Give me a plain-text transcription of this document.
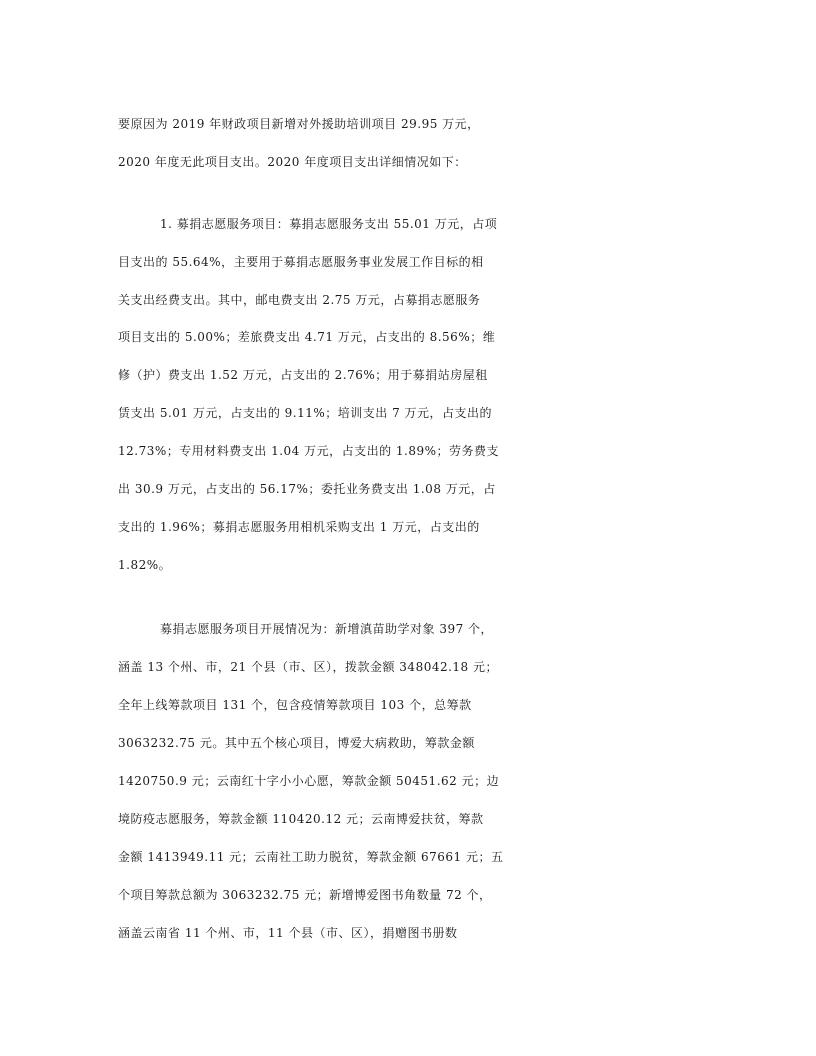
要原因为 2019 年财政项目新增对外援助培训项目 29.95 万元，
2020 年度无此项目支出。2020 年度项目支出详细情况如下：
1. 募捐志愿服务项目：募捐志愿服务支出 55.01 万元，占项
目支出的 55.64%，主要用于募捐志愿服务事业发展工作目标的相
关支出经费支出。其中，邮电费支出 2.75 万元，占募捐志愿服务
项目支出的 5.00%；差旅费支出 4.71 万元，占支出的 8.56%；维
修（护）费支出 1.52 万元，占支出的 2.76%；用于募捐站房屋租
赁支出 5.01 万元，占支出的 9.11%；培训支出 7 万元，占支出的
12.73%；专用材料费支出 1.04 万元，占支出的 1.89%；劳务费支
出 30.9 万元，占支出的 56.17%；委托业务费支出 1.08 万元，占
支出的 1.96%；募捐志愿服务用相机采购支出 1 万元，占支出的
1.82%。
募捐志愿服务项目开展情况为：新增滇苗助学对象 397 个，
涵盖 13 个州、市，21 个县（市、区），拨款金额 348042.18 元；
全年上线筹款项目 131 个，包含疫情筹款项目 103 个，总筹款
3063232.75 元。其中五个核心项目，博爱大病救助，筹款金额
1420750.9 元；云南红十字小小心愿，筹款金额 50451.62 元；边
境防疫志愿服务，筹款金额 110420.12 元；云南博爱扶贫，筹款
金额 1413949.11 元；云南社工助力脱贫，筹款金额 67661 元；五
个项目筹款总额为 3063232.75 元；新增博爱图书角数量 72 个，
涵盖云南省 11 个州、市，11 个县（市、区），捐赠图书册数
